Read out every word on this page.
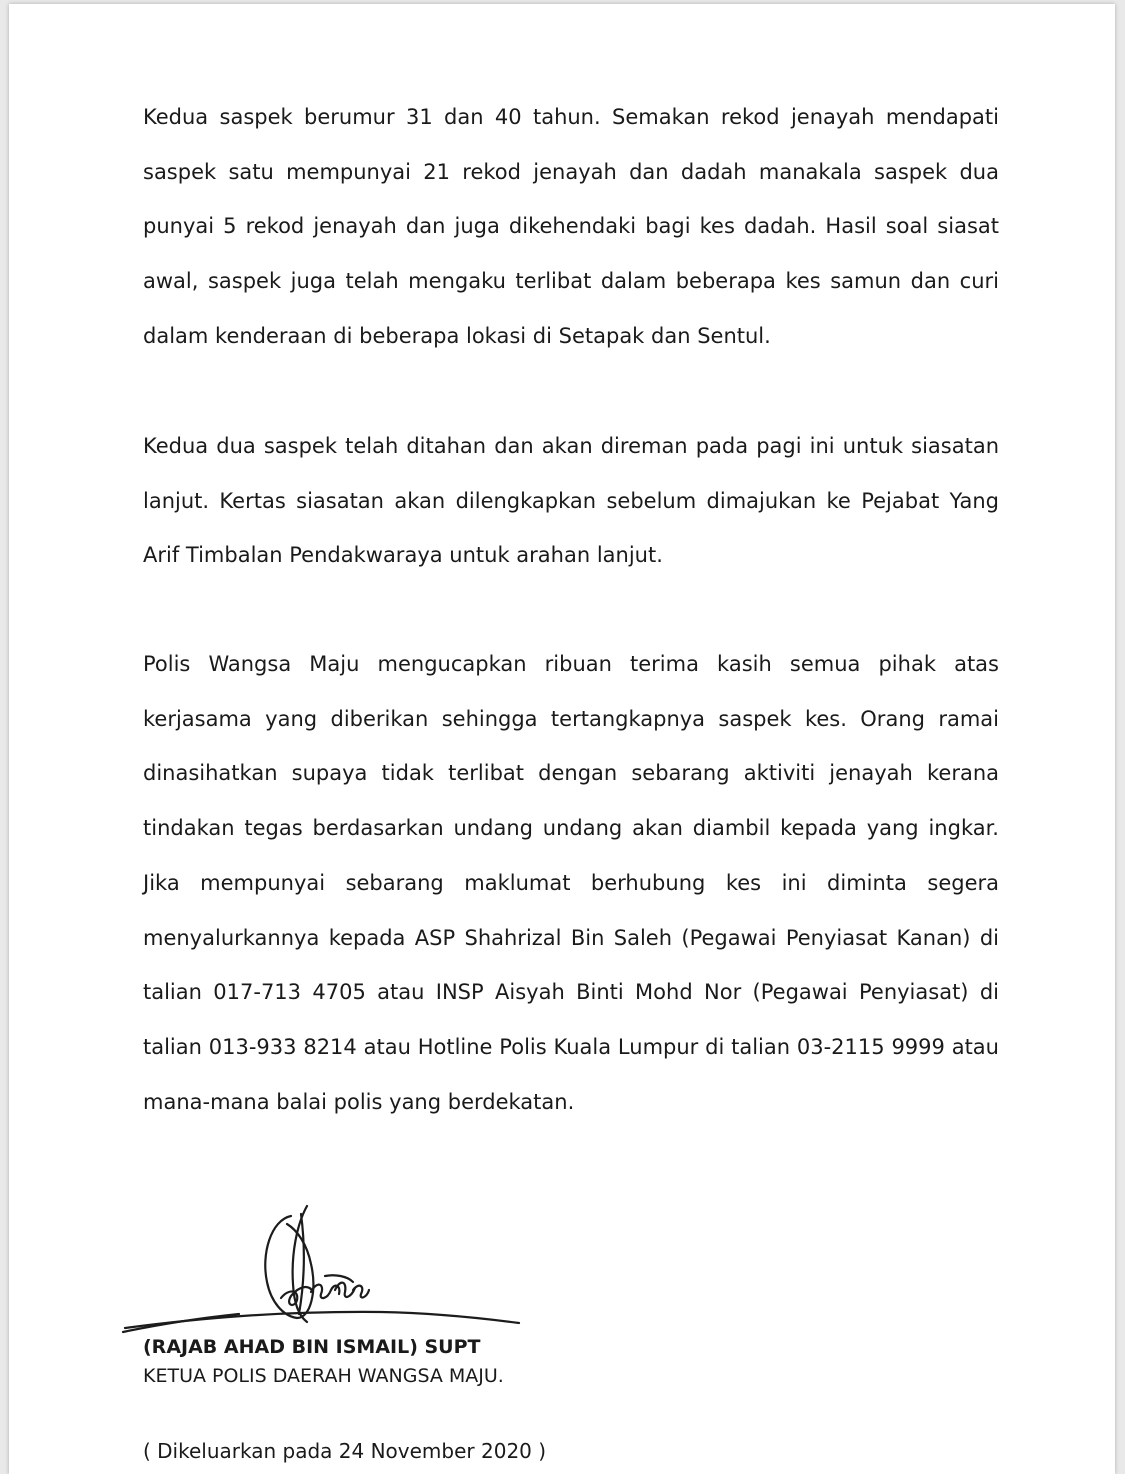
Kedua saspek berumur 31 dan 40 tahun. Semakan rekod jenayah mendapati saspek satu mempunyai 21 rekod jenayah dan dadah manakala saspek dua punyai 5 rekod jenayah dan juga dikehendaki bagi kes dadah. Hasil soal siasat awal, saspek juga telah mengaku terlibat dalam beberapa kes samun dan curi dalam kenderaan di beberapa lokasi di Setapak dan Sentul.

Kedua dua saspek telah ditahan dan akan direman pada pagi ini untuk siasatan lanjut. Kertas siasatan akan dilengkapkan sebelum dimajukan ke Pejabat Yang Arif Timbalan Pendakwaraya untuk arahan lanjut.

Polis Wangsa Maju mengucapkan ribuan terima kasih semua pihak atas kerjasama yang diberikan sehingga tertangkapnya saspek kes. Orang ramai dinasihatkan supaya tidak terlibat dengan sebarang aktiviti jenayah kerana tindakan tegas berdasarkan undang undang akan diambil kepada yang ingkar. Jika mempunyai sebarang maklumat berhubung kes ini diminta segera menyalurkannya kepada ASP Shahrizal Bin Saleh (Pegawai Penyiasat Kanan) di talian 017-713 4705 atau INSP Aisyah Binti Mohd Nor (Pegawai Penyiasat) di talian 013-933 8214 atau Hotline Polis Kuala Lumpur di talian 03-2115 9999 atau mana-mana balai polis yang berdekatan.

(RAJAB AHAD BIN ISMAIL) SUPT
KETUA POLIS DAERAH WANGSA MAJU.
( Dikeluarkan pada 24 November 2020 )
